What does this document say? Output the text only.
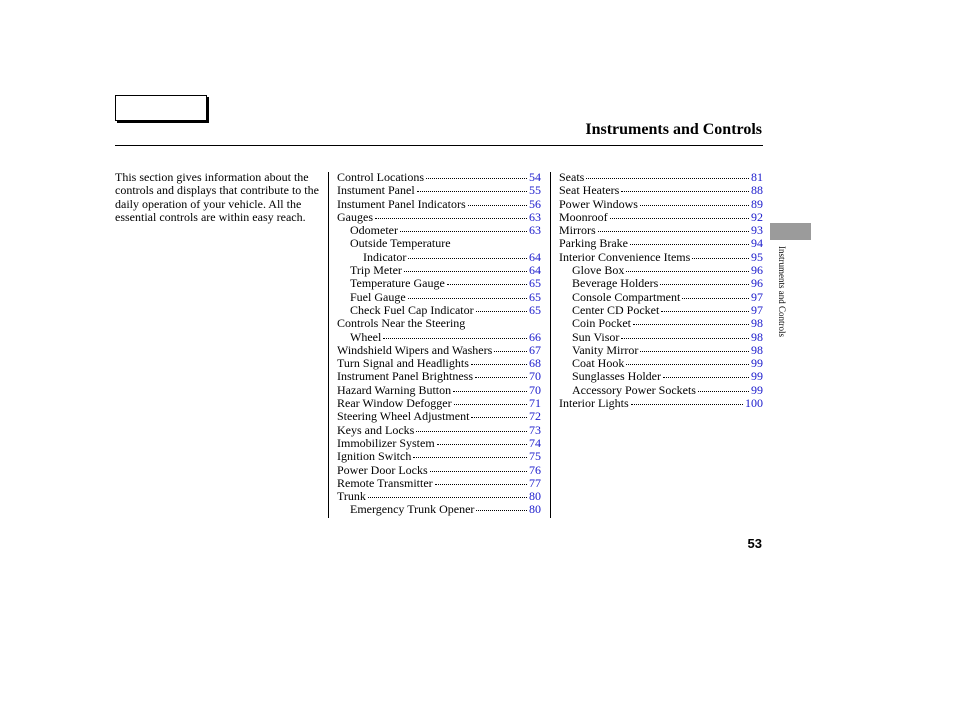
Instruments and Controls
This section gives information about the controls and displays that contribute to the daily operation of your vehicle. All the essential controls are within easy reach.
Control Locations	54
Instument Panel	55
Instument Panel Indicators	56
Gauges	63
Odometer	63
Outside Temperature
Indicator	64
Trip Meter	64
Temperature Gauge	65
Fuel Gauge	65
Check Fuel Cap Indicator	65
Controls Near the Steering
Wheel	66
Windshield Wipers and Washers	67
Turn Signal and Headlights	68
Instrument Panel Brightness	70
Hazard Warning Button	70
Rear Window Defogger	71
Steering Wheel Adjustment	72
Keys and Locks	73
Immobilizer System	74
Ignition Switch	75
Power Door Locks	76
Remote Transmitter	77
Trunk	80
Emergency Trunk Opener	80
Seats	81
Seat Heaters	88
Power Windows	89
Moonroof	92
Mirrors	93
Parking Brake	94
Interior Convenience Items	95
Glove Box	96
Beverage Holders	96
Console Compartment	97
Center CD Pocket	97
Coin Pocket	98
Sun Visor	98
Vanity Mirror	98
Coat Hook	99
Sunglasses Holder	99
Accessory Power Sockets	99
Interior Lights	100
Instruments and Controls
53
